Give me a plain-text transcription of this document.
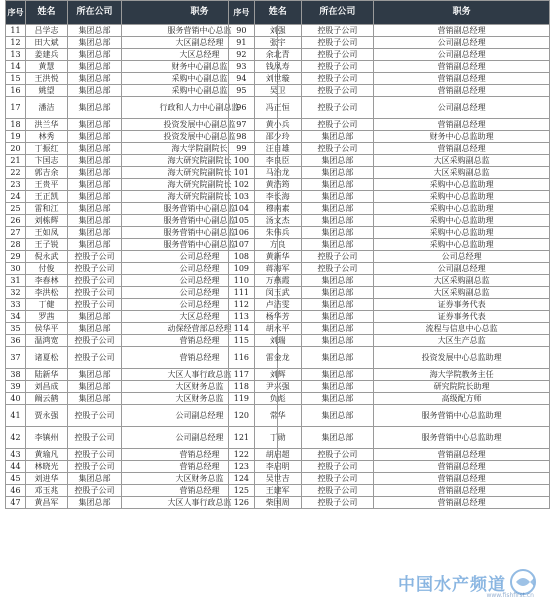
序号	姓名	所在公司	职务
11	吕学志	集团总部	服务营销中心总监
12	田大斌	集团总部	大区副总经理
13	姜建兵	集团总部	大区总经理
14	黄慧	集团总部	财务中心副总监
15	王洪悦	集团总部	采购中心副总监
16	姚望	集团总部	采购中心副总监
17	潘洁	集团总部	行政和人力中心副总监
18	洪兰华	集团总部	投资发展中心副总监
19	林秀	集团总部	投资发展中心副总监
20	丁振红	集团总部	海大学院副院长
21	卞国志	集团总部	海大研究院副院长
22	郭吉余	集团总部	海大研究院副院长
23	王贵平	集团总部	海大研究院副院长
24	王正凯	集团总部	海大研究院副院长
25	雷和江	集团总部	服务营销中心副总监
26	刘栋辉	集团总部	服务营销中心副总监
27	王如凤	集团总部	服务营销中心副总监
28	王子锐	集团总部	服务营销中心副总监
29	倪永武	控股子公司	公司总经理
30	付俊	控股子公司	公司总经理
31	李春林	控股子公司	公司总经理
32	李洪松	控股子公司	公司总经理
33	丁健	控股子公司	公司总经理
34	罗茜	集团总部	大区总经理
35	侯华平	集团总部	动保经营部总经理
36	温鸿宽	控股子公司	营销总经理
37	诸夏松	控股子公司	营销总经理
38	陆新华	集团总部	大区人事行政总监
39	刘昌成	集团总部	大区财务总监
40	阚云鹤	集团总部	大区财务总监
41	贾永强	控股子公司	公司副总经理
42	李镇州	控股子公司	公司副总经理
43	黄瑜凡	控股子公司	营销总经理
44	林晓光	控股子公司	营销总经理
45	刘进华	集团总部	大区财务总监
46	邓玉兆	控股子公司	营销总经理
47	黄昌军	集团总部	大区人事行政总监
序号	姓名	所在公司	职务
90	刘强	控股子公司	营销副总经理
91	张宇	控股子公司	公司副总经理
92	余北青	控股子公司	公司副总经理
93	钱凤寿	控股子公司	营销副总经理
94	刘世璇	控股子公司	营销副总经理
95	吴卫	控股子公司	营销副总经理
96	冯正恒	控股子公司	公司副总经理
97	黄小兵	控股子公司	营销副总经理
98	邵少玲	集团总部	财务中心总监助理
99	汪自雄	控股子公司	营销副总经理
100	李良臣	集团总部	大区采购副总监
101	马治龙	集团总部	大区采购副总监
102	黄浩筠	集团总部	采购中心总监助理
103	李长海	集团总部	采购中心总监助理
104	穆南素	集团总部	采购中心总监助理
105	汤文杰	集团总部	采购中心总监助理
106	朱伟兵	集团总部	采购中心总监助理
107	方良	集团总部	采购中心总监助理
108	黄新华	控股子公司	公司总经理
109	蒋海军	控股子公司	公司副总经理
110	万燕霞	集团总部	大区采购副总监
111	闵玉武	集团总部	大区采购副总监
112	卢洁雯	集团总部	证券事务代表
113	杨华芳	集团总部	证券事务代表
114	胡永平	集团总部	流程与信息中心总监
115	刘瑞	集团总部	大区生产总监
116	雷金龙	集团总部	投资发展中心总监助理
117	刘辉	集团总部	海大学院教务主任
118	尹兴强	集团总部	研究院院长助理
119	负彪	集团总部	高级配方师
120	常华	集团总部	服务营销中心总监助理
121	丁勋	集团总部	服务营销中心总监助理
122	胡启超	控股子公司	营销副总经理
123	李启明	控股子公司	营销副总经理
124	吴世吉	控股子公司	营销副总经理
125	王建军	控股子公司	营销副总经理
126	柴国周	控股子公司	营销副总经理
中国水产频道
www.fishfirst.cn
